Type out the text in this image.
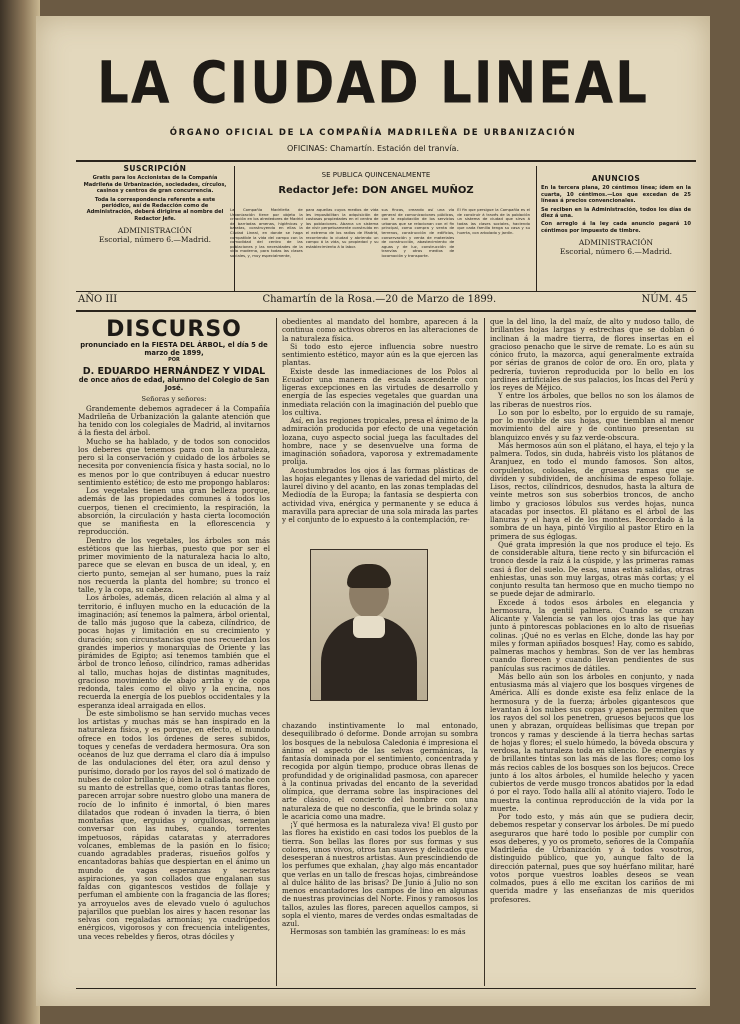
LA CIUDAD LINEAL
ÓRGANO OFICIAL DE LA COMPAÑÍA MADRILEÑA DE URBANIZACIÓN
OFICINAS: Chamartín. Estación del tranvía.
SUSCRIPCIÓN
Gratis para los Accionistas de la Compañía Madrileña de Urbanización, sociedades, círculos, casinos y centros de gran concurrencia.
Toda la correspondencia referente a este periódico, así de Redacción como de Administración, deberá dirigirse al nombre del Redactor Jefe.
ADMINISTRACIÓN
Escorial, número 6.—Madrid.
SE PUBLICA QUINCENALMENTE
Redactor Jefe: DON ANGEL MUÑOZ
La Compañía Madrileña de Urbanización tiene por objeto la creación en los alrededores de Madrid de barriadas amenas, higiénicas y baratas, construyendo en ellas la Ciudad Lineal, en donde se haga compatible la vida del campo con la comodidad del centro de las poblaciones y las necesidades de la vida moderna, para todas las clases sociales, y, muy especialmente,
para aquellas cuyos medios de vida les imposibilitan la adquisición de costosas propiedades en el centro de las poblaciones. Abarca un sistema de vivir perpetuamente construido en el extremo de los radios de Madrid, recorriendo la ciudad y abriendo un campo á la vida, su propiedad y su establecimiento á la labor.
sus fincas, creando así una vía general de comunicaciones públicas, con la explotación de los servicios urbanos que se relacionan con el fin principal, como compra y venta de terrenos, construcción de edificios, conservación y venta de materiales de construcción, abastecimiento de aguas y de luz, construcción de tranvías y otros medios de locomoción y transporte.
El fin que persigue la Compañía es el de construir á través de la población un sistema de ciudad que sirva á todas las clases sociales, haciendo que cada familia tenga su casa y su huerta, con arbolado y jardín.
ANUNCIOS
En la tercera plana, 20 céntimos línea; ídem en la cuarta, 10 céntimos.—Los que excedan de 25 líneas á precios convencionales.
Se reciben en la Administración, todos los días de diez á una.
Con arreglo á la ley cada anuncio pagará 10 céntimos por impuesto de timbre.
ADMINISTRACIÓN
Escorial, número 6.—Madrid.
AÑO III	Chamartín de la Rosa.—20 de Marzo de 1899.	NÚM. 45
DISCURSO
pronunciado en la FIESTA DEL ÁRBOL, el día 5 de marzo de 1899,
POR
D. EDUARDO HERNÁNDEZ Y VIDAL
de once años de edad, alumno del Colegio de San José.
Señoras y señores:

Grandemente debemos agradecer á la Compañía Madrileña de Urbanización la galante atención que ha tenido con los colegiales de Madrid, al invitarnos á la fiesta del árbol.

Mucho se ha hablado, y de todos son conocidos los deberes que tenemos para con la naturaleza, pero si la conservación y cuidado de los árboles se necesita por conveniencia física y hasta social, no lo es menos por lo que contribuyen á educar nuestro sentimiento estético; de esto me propongo hablaros:

Los vegetales tienen una gran belleza porque, además de las propiedades comunes á todos los cuerpos, tienen el crecimiento, la respiración, la absorción, la circulación y hasta cierta locomoción que se manifiesta en la eflorescencia y reproducción.

Dentro de los vegetales, los árboles son más estéticos que las hierbas, puesto que por ser el primer movimiento de la naturaleza hacia lo alto, parece que se elevan en busca de un ideal, y, en cierto punto, semejan al ser humano, pues la raíz nos recuerda la planta del hombre; su tronco el talle, y la copa, su cabeza.

Los árboles, además, dicen relación al alma y al territorio, é influyen mucho en la educación de la imaginación; así tenemos la palmera, árbol oriental, de tallo más jugoso que la cabeza, cilíndrico, de pocas hojas y limitación en su crecimiento y duración; son circunstancias que nos recuerdan los grandes imperios y monarquías de Oriente y las pirámides de Egipto; así tenemos también que el árbol de tronco leñoso, cilíndrico, ramas adheridas al tallo, muchas hojas de distintas magnitudes, gracioso movimiento de abajo arriba y de copa redonda, tales como el olivo y la encina, nos recuerda la energía de los pueblos occidentales y la esperanza ideal arraigada en ellos.

De este simbolismo se han servido muchas veces los artistas y muchas más se han inspirado en la naturaleza física, y es porque, en efecto, el mundo ofrece en todos los órdenes de seres subidos, toques y cenefas de verdadera hermosura. Ora son océanos de luz que derrama el claro día á impulso de las ondulaciones del éter, ora azul denso y purísimo, dorado por los rayos del sol ó matizado de nubes de color brillante; ó bien la callada noche con su manto de estrellas que, como otras tantas flores, parecen arrojar sobre nuestro globo una manera de rocío de lo infinito é inmortal, ó bien mares dilatados que rodean ó invaden la tierra, ó bien montañas que, erguidas y orgullosas, semejan conversar con las nubes, cuando, torrentes impetuosos, rápidas cataratas y aterradores volcanes, emblemas de la pasión en lo físico; cuando agradables praderas, risueños golfos y encantadoras bahías que despiertan en el ánimo un mundo de vagas esperanzas y secretas aspiraciones, ya son collados que engalanan sus faldas con gigantescos vestidos de follaje y perfuman el ambiente con la fragancia de las flores; ya arroyuelos aves de elevado vuelo ó aguluchos pajarillos que pueblan los aires y hacen resonar las selvas con regaladas armonías; ya cuadrúpedos enérgicos, vigorosos y con frecuencia inteligentes, una veces rebeldes y fieros, otras dóciles y

obedientes al mandato del hombre, aparecen á la continua como activos obreros en las alteraciones de la naturaleza física.

Si todo esto ejerce influencia sobre nuestro sentimiento estético, mayor aún es la que ejercen las plantas.

Existe desde las inmediaciones de los Polos al Ecuador una manera de escala ascendente con ligeras excepciones en las virtudes de desarrollo y energía de las especies vegetales que guardan una inmediata relación con la imaginación del pueblo que los cultiva.

Así, en las regiones tropicales, presa el ánimo de la admiración producida por efecto de una vegetación lozana, cuyo aspecto social juega las facultades del hombre, nace y se desenvuelve una forma de imaginación soñadora, vaporosa y extremadamente prolija.

Acostumbrados los ojos á las formas plásticas de las hojas elegantes y llenas de variedad del mirto, del laurel divino y del acanto, en las zonas templadas del Mediodía de la Europa; la fantasía se despierta con actividad viva, enérgica y permanente y se educa á maravilla para apreciar de una sola mirada las partes y el conjunto de lo expuesto á la contemplación, re-

chazando instintivamente lo mal entonado, desequilibrado ó deforme. Donde arrojan su sombra los bosques de la nebulosa Caledonia é impresiona el ánimo el aspecto de las selvas germánicas, la fantasía dominada por el sentimiento, concentrada y recogida por algún tiempo, produce obras llenas de profundidad y de originalidad pasmosa, con aparecer á la continua privadas del encanto de la severidad olímpica, que derrama sobre las inspiraciones del arte clásico, el concierto del hombre con una naturaleza de que no desconfía, que le brinda solaz y le acaricia como una madre.

¡Y qué hermosa es la naturaleza viva! El gusto por las flores ha existido en casi todos los pueblos de la tierra. Son bellas las flores por sus formas y sus colores, unos vivos, otros tan suaves y delicados que desesperan á nuestros artistas. Aun prescindiendo de los perfumes que exhalan, ¿hay algo más encantador que verlas en un tallo de frescas hojas, cimbreándose al dulce hálito de las brisas? De Junio á Julio no son menos encantadores los campos de lino en algunas de nuestras provincias del Norte. Finos y ramosos los tallos, azules las flores, parecen aquellos campos, si sopla el viento, mares de verdes ondas esmaltadas de azul.

Hermosas son también las gramíneas: lo es más

que la del lino, la del maíz, de alto y nudoso tallo, de brillantes hojas largas y estrechas que se doblan ó inclinan á la madre tierra, de flores insertas en el gracioso penacho que le sirve de remate. Lo es aún su cónico fruto, la mazorca, aquí generalmente extraída por sérias de granos de color de oro. En oro, plata y pedrería, tuvieron reproducida por lo bello en los jardines artificiales de sus palacios, los Incas del Perú y los reyes de Méjico.

Y entre los árboles, que bellos no son los álamos de las riberas de nuestros ríos.

Lo son por lo esbelto, por lo erguido de su ramaje, por lo movible de sus hojas, que tiemblan al menor movimiento del aire y de continuo presentan su blanquizco envés y su faz verde-obscura.

Más hermosos aún son el plátano, el haya, el tejo y la palmera. Todos, sin duda, habréis visto los plátanos de Aranjuez, en todo el mundo famosos. Son altos, corpulentos, colosales, de gruesas ramas que se dividen y subdividen, de anchísima de espeso follaje. Lisos, rectos, cilíndricos, desnudos, hasta la altura de veinte metros son sus soberbios troncos, de ancho limbo y graciosos lóbulos sus verdes hojas, nunca atacadas por insectos. El plátano es el árbol de las llanuras y el haya el de los montes. Recordado á la sombra de un haya, pintó Virgilio al pastor Etiro en la primera de sus églogas.

Qué grata impresión la que nos produce el tejo. Es de considerable altura, tiene recto y sin bifurcación el tronco desde la raíz á la cúspide, y las primeras ramas casi á flor del suelo. De esas, unas están salidas, otras enhiestas, unas son muy largas, otras más cortas; y el conjunto resulta tan hermoso que en mucho tiempo no se puede dejar de admirarlo.

Excede á todos esos árboles en elegancia y hermosura, la gentil palmera. Cuando se cruzan Alicante y Valencia se van los ojos tras las que hay junto á pintorescas poblaciones en lo alto de risueñas colinas. ¡Qué no es verlas en Elche, donde las hay por miles y forman apiñados bosques! Hay, como es sabido, palmeras machos y hembras. Son de ver las hembras cuando florecen y cuando llevan pendientes de sus panículas sus racimos de dátiles.

Más bello aún son los árboles en conjunto, y nada entusiasma más al viajero que los bosques vírgenes de América. Allí es donde existe esa feliz enlace de la hermosura y de la fuerza; árboles gigantescos que levantan á los nubes sus copas y apenas permiten que los rayos del sol los penetren, gruesos bejucos que los unen y abrazan, orquídeas bellísimas que trepan por troncos y ramas y desciende á la tierra hechas sartas de hojas y flores; el suelo húmedo, la bóveda obscura y verdosa, la naturaleza toda en silencio. De energías y de brillantes tintas son las más de las flores; como los más recios cables de los bosques son los bejucos. Crece junto á los altos árboles, el humilde helecho y yacen cubiertos de verde musgo troncos abatidos por la edad ó por el rayo. Todo halla allí al atónito viajero. Todo le muestra la continua reproducción de la vida por la muerte.

Por todo esto, y más aún que se pudiera decir, debemos respetar y conservar los árboles. De mí puedo aseguraros que haré todo lo posible por cumplir con esos deberes, y yo os prometo, señores de la Compañía Madrileña de Urbanización y á todos vosotros, distinguido público, que yo, aunque falto de la dirección paternal, pues que soy huérfano militar, haré votos porque vuestros loables deseos se vean colmados, pues á ello me excitan los cariños de mi querida madre y las enseñanzas de mis queridos profesores.
